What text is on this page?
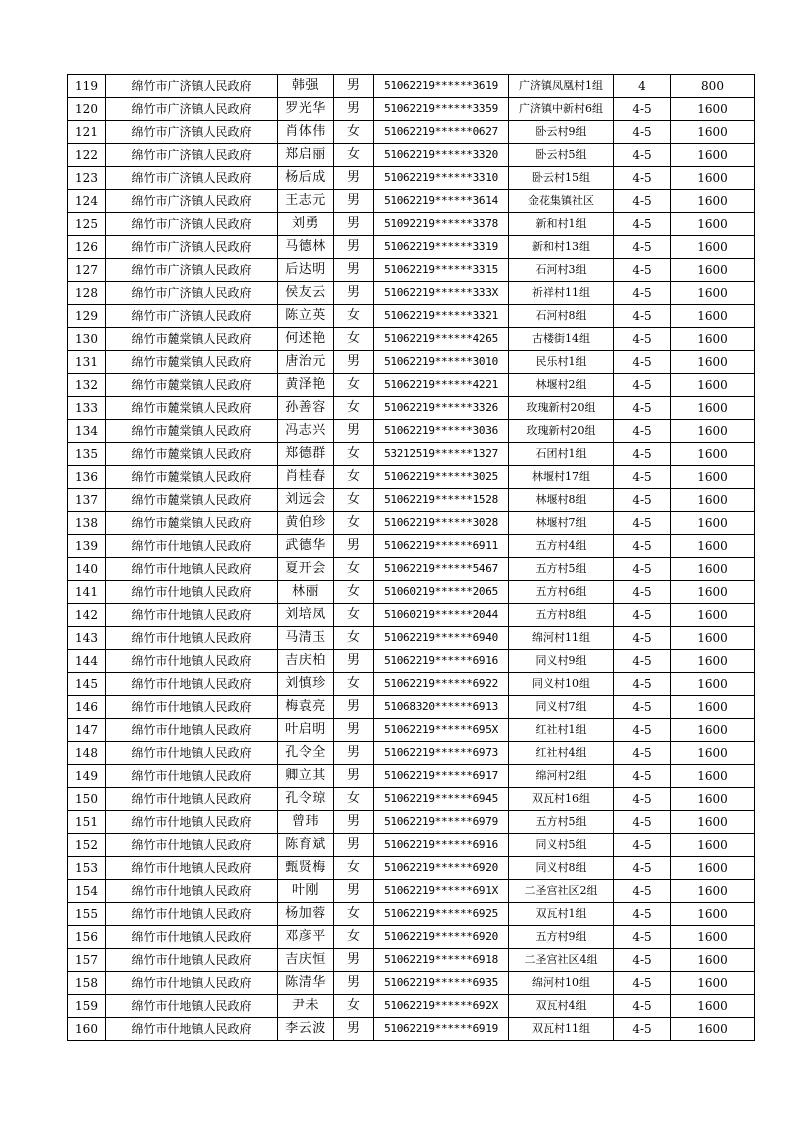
119	绵竹市广济镇人民政府	韩强	男	51062219******3619	广济镇凤凰村1组	4	800
120	绵竹市广济镇人民政府	罗光华	男	51062219******3359	广济镇中新村6组	4-5	1600
121	绵竹市广济镇人民政府	肖体伟	女	51062219******0627	卧云村9组	4-5	1600
122	绵竹市广济镇人民政府	郑启丽	女	51062219******3320	卧云村5组	4-5	1600
123	绵竹市广济镇人民政府	杨后成	男	51062219******3310	卧云村15组	4-5	1600
124	绵竹市广济镇人民政府	王志元	男	51062219******3614	金花集镇社区	4-5	1600
125	绵竹市广济镇人民政府	刘勇	男	51092219******3378	新和村1组	4-5	1600
126	绵竹市广济镇人民政府	马德林	男	51062219******3319	新和村13组	4-5	1600
127	绵竹市广济镇人民政府	后达明	男	51062219******3315	石河村3组	4-5	1600
128	绵竹市广济镇人民政府	侯友云	男	51062219******333X	祈祥村11组	4-5	1600
129	绵竹市广济镇人民政府	陈立英	女	51062219******3321	石河村8组	4-5	1600
130	绵竹市麓棠镇人民政府	何述艳	女	51062219******4265	古楼街14组	4-5	1600
131	绵竹市麓棠镇人民政府	唐治元	男	51062219******3010	民乐村1组	4-5	1600
132	绵竹市麓棠镇人民政府	黄泽艳	女	51062219******4221	林堰村2组	4-5	1600
133	绵竹市麓棠镇人民政府	孙善容	女	51062219******3326	玫瑰新村20组	4-5	1600
134	绵竹市麓棠镇人民政府	冯志兴	男	51062219******3036	玫瑰新村20组	4-5	1600
135	绵竹市麓棠镇人民政府	郑德群	女	53212519******1327	石团村1组	4-5	1600
136	绵竹市麓棠镇人民政府	肖桂春	女	51062219******3025	林堰村17组	4-5	1600
137	绵竹市麓棠镇人民政府	刘远会	女	51062219******1528	林堰村8组	4-5	1600
138	绵竹市麓棠镇人民政府	黄伯珍	女	51062219******3028	林堰村7组	4-5	1600
139	绵竹市什地镇人民政府	武德华	男	51062219******6911	五方村4组	4-5	1600
140	绵竹市什地镇人民政府	夏开会	女	51062219******5467	五方村5组	4-5	1600
141	绵竹市什地镇人民政府	林丽	女	51060219******2065	五方村6组	4-5	1600
142	绵竹市什地镇人民政府	刘培凤	女	51060219******2044	五方村8组	4-5	1600
143	绵竹市什地镇人民政府	马清玉	女	51062219******6940	绵河村11组	4-5	1600
144	绵竹市什地镇人民政府	吉庆柏	男	51062219******6916	同义村9组	4-5	1600
145	绵竹市什地镇人民政府	刘慎珍	女	51062219******6922	同义村10组	4-5	1600
146	绵竹市什地镇人民政府	梅袁亮	男	51068320******6913	同义村7组	4-5	1600
147	绵竹市什地镇人民政府	叶启明	男	51062219******695X	红社村1组	4-5	1600
148	绵竹市什地镇人民政府	孔令全	男	51062219******6973	红社村4组	4-5	1600
149	绵竹市什地镇人民政府	卿立其	男	51062219******6917	绵河村2组	4-5	1600
150	绵竹市什地镇人民政府	孔令琼	女	51062219******6945	双瓦村16组	4-5	1600
151	绵竹市什地镇人民政府	曾玮	男	51062219******6979	五方村5组	4-5	1600
152	绵竹市什地镇人民政府	陈育斌	男	51062219******6916	同义村5组	4-5	1600
153	绵竹市什地镇人民政府	甄贤梅	女	51062219******6920	同义村8组	4-5	1600
154	绵竹市什地镇人民政府	叶刚	男	51062219******691X	二圣宫社区2组	4-5	1600
155	绵竹市什地镇人民政府	杨加蓉	女	51062219******6925	双瓦村1组	4-5	1600
156	绵竹市什地镇人民政府	邓彦平	女	51062219******6920	五方村9组	4-5	1600
157	绵竹市什地镇人民政府	吉庆恒	男	51062219******6918	二圣宫社区4组	4-5	1600
158	绵竹市什地镇人民政府	陈清华	男	51062219******6935	绵河村10组	4-5	1600
159	绵竹市什地镇人民政府	尹未	女	51062219******692X	双瓦村4组	4-5	1600
160	绵竹市什地镇人民政府	李云波	男	51062219******6919	双瓦村11组	4-5	1600
